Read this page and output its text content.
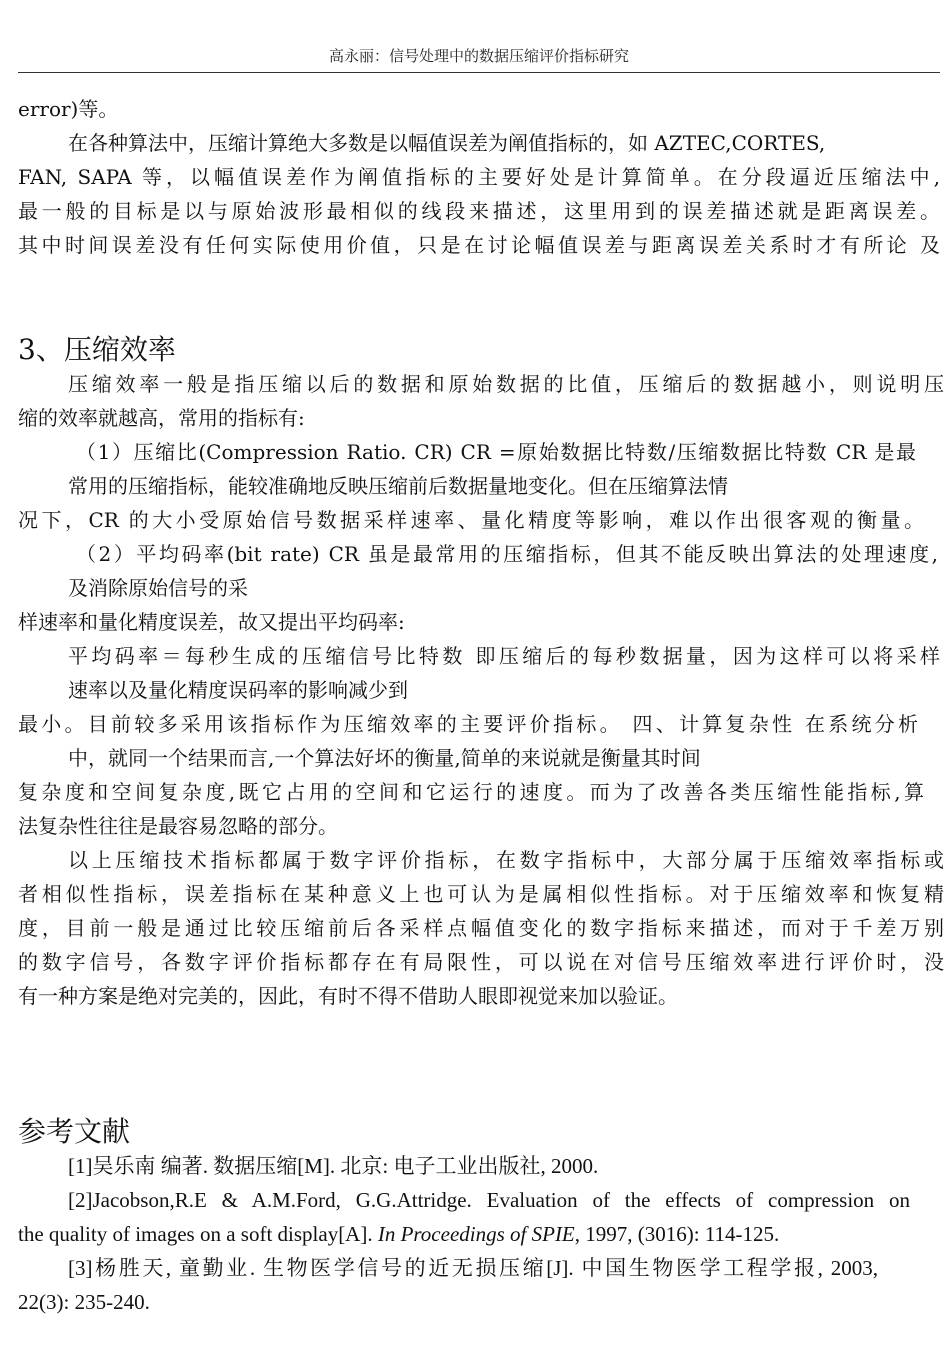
高永丽：信号处理中的数据压缩评价指标研究
error)等。
在各种算法中，压缩计算绝大多数是以幅值误差为阐值指标的，如 AZTEC,CORTES,
FAN, SAPA 等，以幅值误差作为阐值指标的主要好处是计算简单。在分段逼近压缩法中,
最一般的目标是以与原始波形最相似的线段来描述，这里用到的误差描述就是距离误差。
其中时间误差没有任何实际使用价值，只是在讨论幅值误差与距离误差关系时才有所论 及
3、压缩效率
压缩效率一般是指压缩以后的数据和原始数据的比值，压缩后的数据越小，则说明压
缩的效率就越高，常用的指标有:
（1）压缩比(Compression Ratio. CR) CR =原始数据比特数/压缩数据比特数 CR 是最
常用的压缩指标，能较准确地反映压缩前后数据量地变化。但在压缩算法情
况下，CR 的大小受原始信号数据采样速率、量化精度等影响，难以作出很客观的衡量。
（2）平均码率(bit rate) CR 虽是最常用的压缩指标，但其不能反映出算法的处理速度,
及消除原始信号的采
样速率和量化精度误差，故又提出平均码率:
平均码率＝每秒生成的压缩信号比特数 即压缩后的每秒数据量，因为这样可以将采样
速率以及量化精度误码率的影响减少到
最小。目前较多采用该指标作为压缩效率的主要评价指标。 四、计算复杂性 在系统分析
中，就同一个结果而言,一个算法好坏的衡量,简单的来说就是衡量其时间
复杂度和空间复杂度,既它占用的空间和它运行的速度。而为了改善各类压缩性能指标,算
法复杂性往往是最容易忽略的部分。
以上压缩技术指标都属于数字评价指标，在数字指标中，大部分属于压缩效率指标或
者相似性指标，误差指标在某种意义上也可认为是属相似性指标。对于压缩效率和恢复精
度，目前一般是通过比较压缩前后各采样点幅值变化的数字指标来描述，而对于千差万别
的数字信号，各数字评价指标都存在有局限性，可以说在对信号压缩效率进行评价时，没
有一种方案是绝对完美的，因此，有时不得不借助人眼即视觉来加以验证。
参考文献
[1]吴乐南 编著. 数据压缩[M]. 北京: 电子工业出版社, 2000.
[2]Jacobson,R.E & A.M.Ford, G.G.Attridge. Evaluation of the effects of compression on
the quality of images on a soft display[A]. In Proceedings of SPIE, 1997, (3016): 114-125.
[3]杨胜天, 童勤业. 生物医学信号的近无损压缩[J]. 中国生物医学工程学报, 2003,
22(3): 235-240.
